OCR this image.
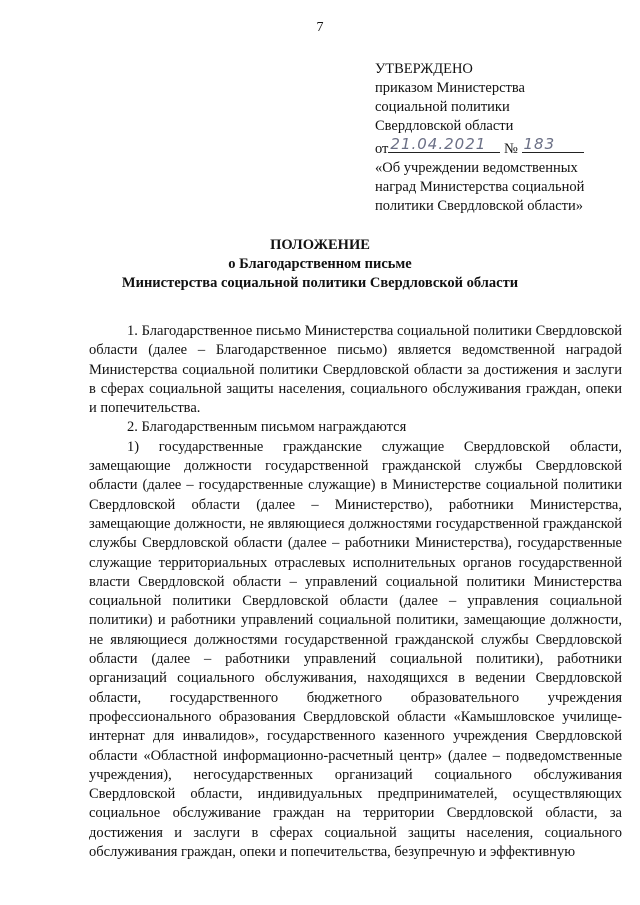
7
УТВЕРЖДЕНО
приказом Министерства
социальной политики
Свердловской области
от 21.04.2021 № 183
«Об учреждении ведомственных
наград Министерства социальной
политики Свердловской области»
ПОЛОЖЕНИЕ
о Благодарственном письме
Министерства социальной политики Свердловской области

1. Благодарственное письмо Министерства социальной политики Свердловской области (далее – Благодарственное письмо) является ведомственной наградой Министерства социальной политики Свердловской области за достижения и заслуги в сферах социальной защиты населения, социального обслуживания граждан, опеки и попечительства.

2. Благодарственным письмом награждаются

1) государственные гражданские служащие Свердловской области, замещающие должности государственной гражданской службы Свердловской области (далее – государственные служащие) в Министерстве социальной политики Свердловской области (далее – Министерство), работники Министерства, замещающие должности, не являющиеся должностями государственной гражданской службы Свердловской области (далее – работники Министерства), государственные служащие территориальных отраслевых исполнительных органов государственной власти Свердловской области – управлений социальной политики Министерства социальной политики Свердловской области (далее – управления социальной политики) и работники управлений социальной политики, замещающие должности, не являющиеся должностями государственной гражданской службы Свердловской области (далее – работники управлений социальной политики), работники организаций социального обслуживания, находящихся в ведении Свердловской области, государственного бюджетного образовательного учреждения профессионального образования Свердловской области «Камышловское училище-интернат для инвалидов», государственного казенного учреждения Свердловской области «Областной информационно-расчетный центр» (далее – подведомственные учреждения), негосударственных организаций социального обслуживания Свердловской области, индивидуальных предпринимателей, осуществляющих социальное обслуживание граждан на территории Свердловской области, за достижения и заслуги в сферах социальной защиты населения, социального обслуживания граждан, опеки и попечительства, безупречную и эффективную
